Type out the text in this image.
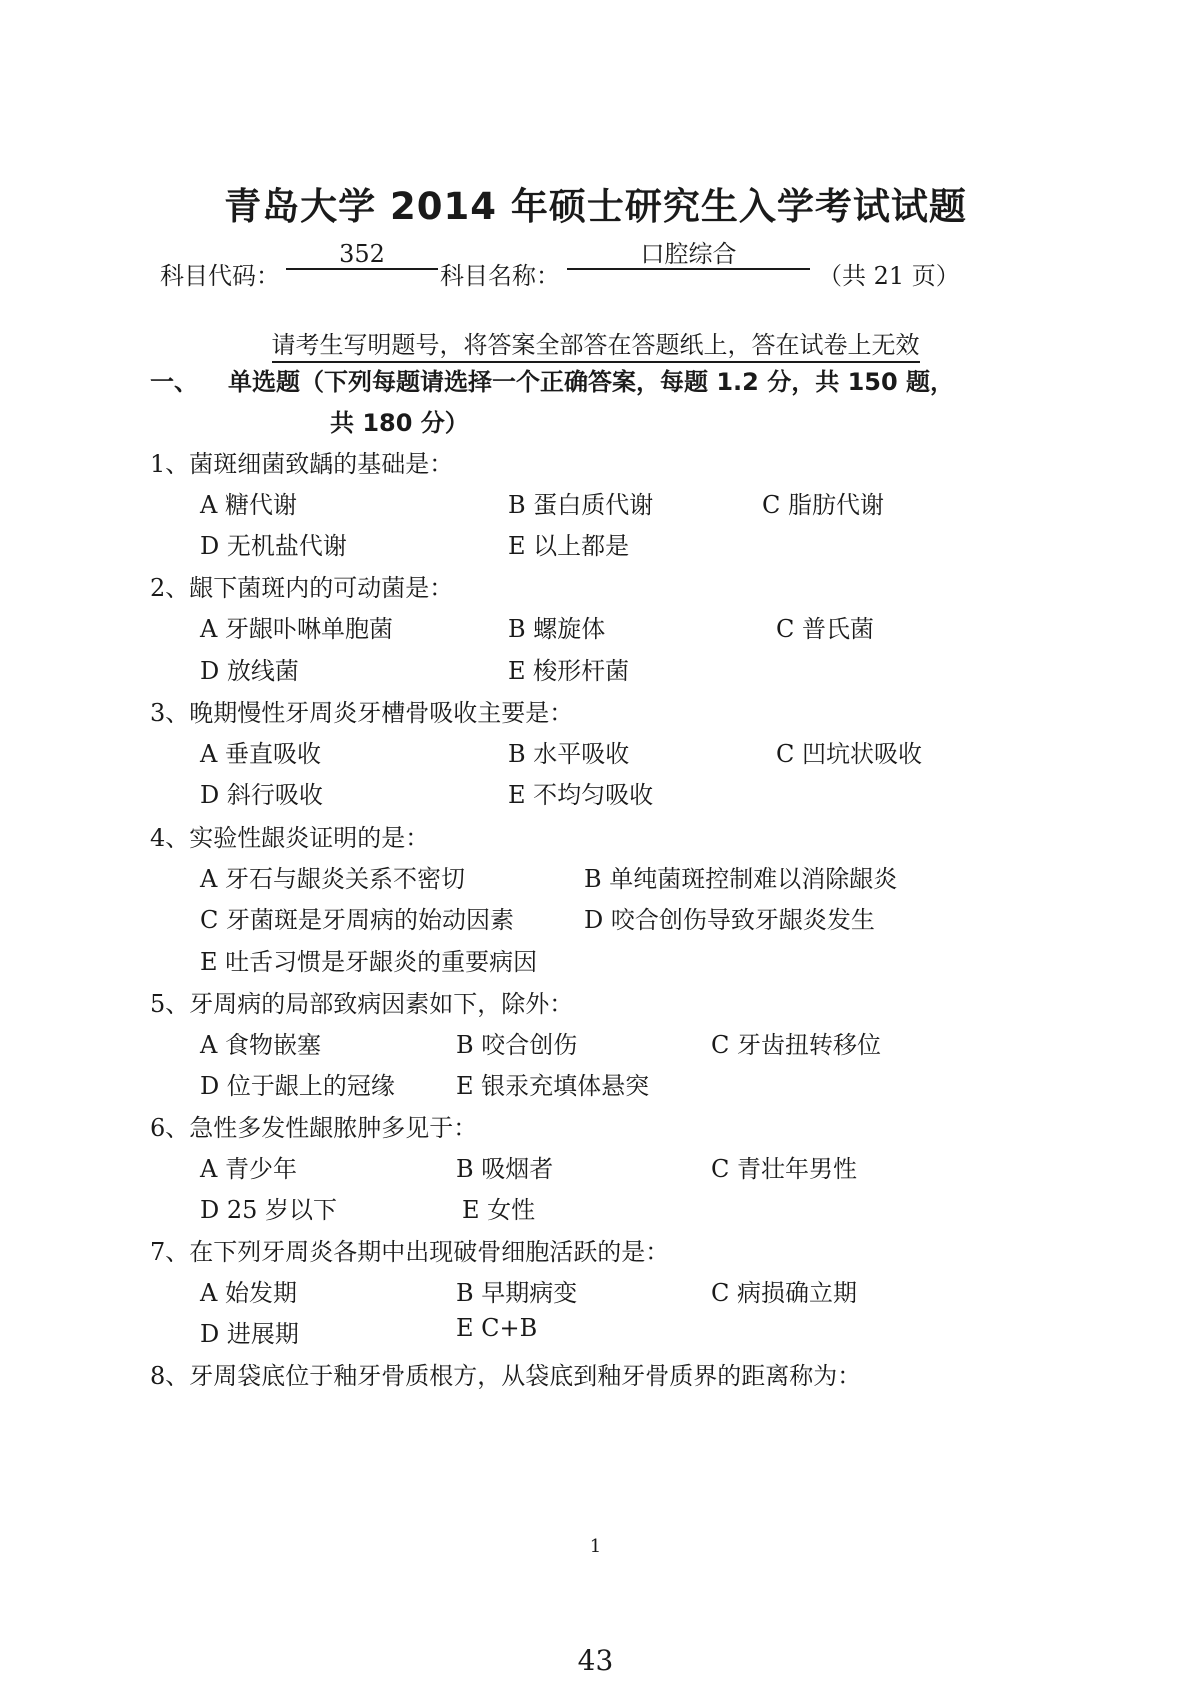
青岛大学 2014 年硕士研究生入学考试试题
科目代码：
352
科目名称：
口腔综合
（共 21 页）
请考生写明题号，将答案全部答在答题纸上，答在试卷上无效
一、 单选题（下列每题请选择一个正确答案，每题 1.2 分，共 150 题，
共 180 分）
1、菌斑细菌致龋的基础是：
A 糖代谢	B 蛋白质代谢	C 脂肪代谢
D 无机盐代谢	E 以上都是
2、龈下菌斑内的可动菌是：
A 牙龈卟啉单胞菌	B 螺旋体	C 普氏菌
D 放线菌	E 梭形杆菌
3、晚期慢性牙周炎牙槽骨吸收主要是：
A 垂直吸收	B 水平吸收	C 凹坑状吸收
D 斜行吸收	E 不均匀吸收
4、实验性龈炎证明的是：
A 牙石与龈炎关系不密切	B 单纯菌斑控制难以消除龈炎
C 牙菌斑是牙周病的始动因素	D 咬合创伤导致牙龈炎发生
E 吐舌习惯是牙龈炎的重要病因
5、牙周病的局部致病因素如下，除外：
A 食物嵌塞	B 咬合创伤	C 牙齿扭转移位
D 位于龈上的冠缘	E 银汞充填体悬突
6、急性多发性龈脓肿多见于：
A 青少年	B 吸烟者	C 青壮年男性
D 25 岁以下	E 女性
7、在下列牙周炎各期中出现破骨细胞活跃的是：
A 始发期	B 早期病变	C 病损确立期
D 进展期	E C+B
8、牙周袋底位于釉牙骨质根方，从袋底到釉牙骨质界的距离称为：
1
43
